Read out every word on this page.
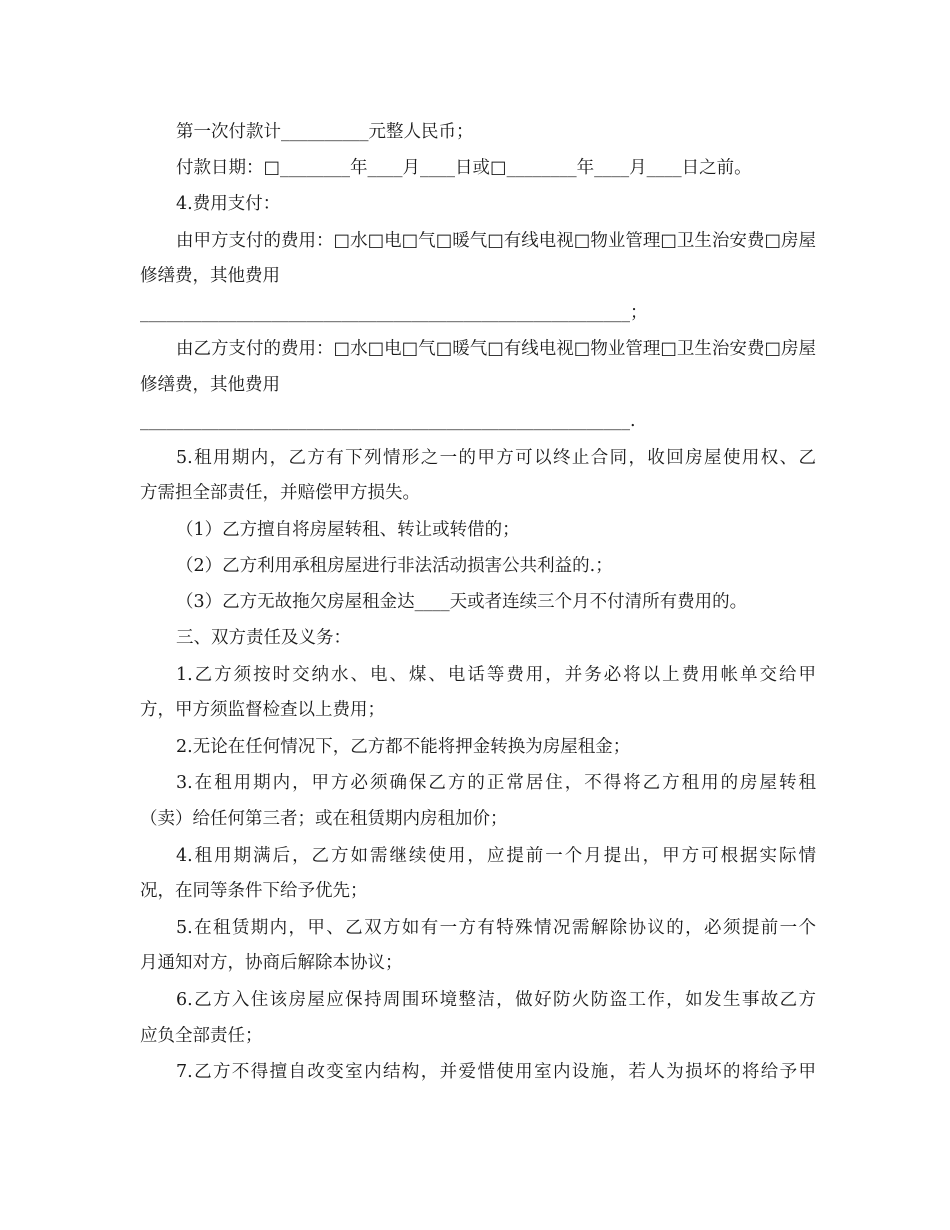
第一次付款计__________元整人民币；
付款日期：□________年____月____日或□________年____月____日之前。
4.费用支付：
由甲方支付的费用：□水□电□气□暖气□有线电视□物业管理□卫生治安费□房屋
修缮费，其他费用
________________________________________________________；
由乙方支付的费用：□水□电□气□暖气□有线电视□物业管理□卫生治安费□房屋
修缮费，其他费用
________________________________________________________.
5.租用期内，乙方有下列情形之一的甲方可以终止合同，收回房屋使用权、乙
方需担全部责任，并赔偿甲方损失。
（1）乙方擅自将房屋转租、转让或转借的；
（2）乙方利用承租房屋进行非法活动损害公共利益的.；
（3）乙方无故拖欠房屋租金达____天或者连续三个月不付清所有费用的。
三、双方责任及义务：
1.乙方须按时交纳水、电、煤、电话等费用，并务必将以上费用帐单交给甲
方，甲方须监督检查以上费用；
2.无论在任何情况下，乙方都不能将押金转换为房屋租金；
3.在租用期内，甲方必须确保乙方的正常居住，不得将乙方租用的房屋转租
（卖）给任何第三者；或在租赁期内房租加价；
4.租用期满后，乙方如需继续使用，应提前一个月提出，甲方可根据实际情
况，在同等条件下给予优先；
5.在租赁期内，甲、乙双方如有一方有特殊情况需解除协议的，必须提前一个
月通知对方，协商后解除本协议；
6.乙方入住该房屋应保持周围环境整洁，做好防火防盗工作，如发生事故乙方
应负全部责任；
7.乙方不得擅自改变室内结构，并爱惜使用室内设施，若人为损坏的将给予甲
